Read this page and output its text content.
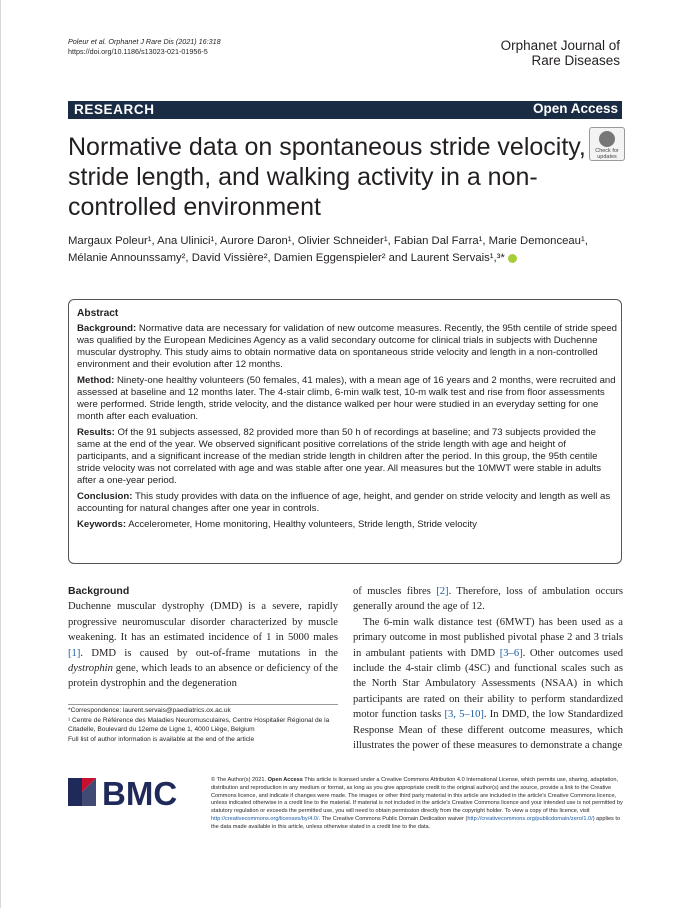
Poleur et al. Orphanet J Rare Dis (2021) 16:318
https://doi.org/10.1186/s13023-021-01956-5	Orphanet Journal of
Rare Diseases
RESEARCH	Open Access
Check for
updates
Normative data on spontaneous stride velocity, stride length, and walking activity in a non-controlled environment
Margaux Poleur¹, Ana Ulinici¹, Aurore Daron¹, Olivier Schneider¹, Fabian Dal Farra¹, Marie Demonceau¹,
Mélanie Announssamy², David Vissière², Damien Eggenspieler² and Laurent Servais¹,³*
Abstract

Background: Normative data are necessary for validation of new outcome measures. Recently, the 95th centile of stride speed was qualified by the European Medicines Agency as a valid secondary outcome for clinical trials in subjects with Duchenne muscular dystrophy. This study aims to obtain normative data on spontaneous stride velocity and length in a non-controlled environment and their evolution after 12 months.

Method: Ninety-one healthy volunteers (50 females, 41 males), with a mean age of 16 years and 2 months, were recruited and assessed at baseline and 12 months later. The 4-stair climb, 6-min walk test, 10-m walk test and rise from floor assessments were performed. Stride length, stride velocity, and the distance walked per hour were studied in an everyday setting for one month after each evaluation.

Results: Of the 91 subjects assessed, 82 provided more than 50 h of recordings at baseline; and 73 subjects provided the same at the end of the year. We observed significant positive correlations of the stride length with age and height of participants, and a significant increase of the median stride length in children after the period. In this group, the 95th centile stride velocity was not correlated with age and was stable after one year. All measures but the 10MWT were stable in adults after a one-year period.

Conclusion: This study provides with data on the influence of age, height, and gender on stride velocity and length as well as accounting for natural changes after one year in controls.

Keywords: Accelerometer, Home monitoring, Healthy volunteers, Stride length, Stride velocity

Background

Duchenne muscular dystrophy (DMD) is a severe, rapidly progressive neuromuscular disorder characterized by muscle weakening. It has an estimated incidence of 1 in 5000 males [1]. DMD is caused by out-of-frame mutations in the dystrophin gene, which leads to an absence or deficiency of the protein dystrophin and the degeneration

of muscles fibres [2]. Therefore, loss of ambulation occurs generally around the age of 12.

The 6-min walk distance test (6MWT) has been used as a primary outcome in most published pivotal phase 2 and 3 trials in ambulant patients with DMD [3–6]. Other outcomes used include the 4-stair climb (4SC) and functional scales such as the North Star Ambulatory Assessments (NSAA) in which participants are rated on their ability to perform standardized motor function tasks [3, 5–10]. In DMD, the low Standardized Response Mean of these different outcome measures, which illustrates the power of these measures to demonstrate a change

*Correspondence: laurent.servais@paediatrics.ox.ac.uk
¹ Centre de Référence des Maladies Neuromusculaires, Centre Hospitalier Régional de la Citadelle, Boulevard du 12eme de Ligne 1, 4000 Liège, Belgium
Full list of author information is available at the end of the article
BMC	© The Author(s) 2021. Open Access This article is licensed under a Creative Commons Attribution 4.0 International License, which permits use, sharing, adaptation, distribution and reproduction in any medium or format, as long as you give appropriate credit to the original author(s) and the source, provide a link to the Creative Commons licence, and indicate if changes were made. The images or other third party material in this article are included in the article's Creative Commons licence, unless indicated otherwise in a credit line to the material. If material is not included in the article's Creative Commons licence and your intended use is not permitted by statutory regulation or exceeds the permitted use, you will need to obtain permission directly from the copyright holder. To view a copy of this licence, visit http://creativecommons.org/licenses/by/4.0/. The Creative Commons Public Domain Dedication waiver (http://creativecommons.org/publicdomain/zero/1.0/) applies to the data made available in this article, unless otherwise stated in a credit line to the data.
